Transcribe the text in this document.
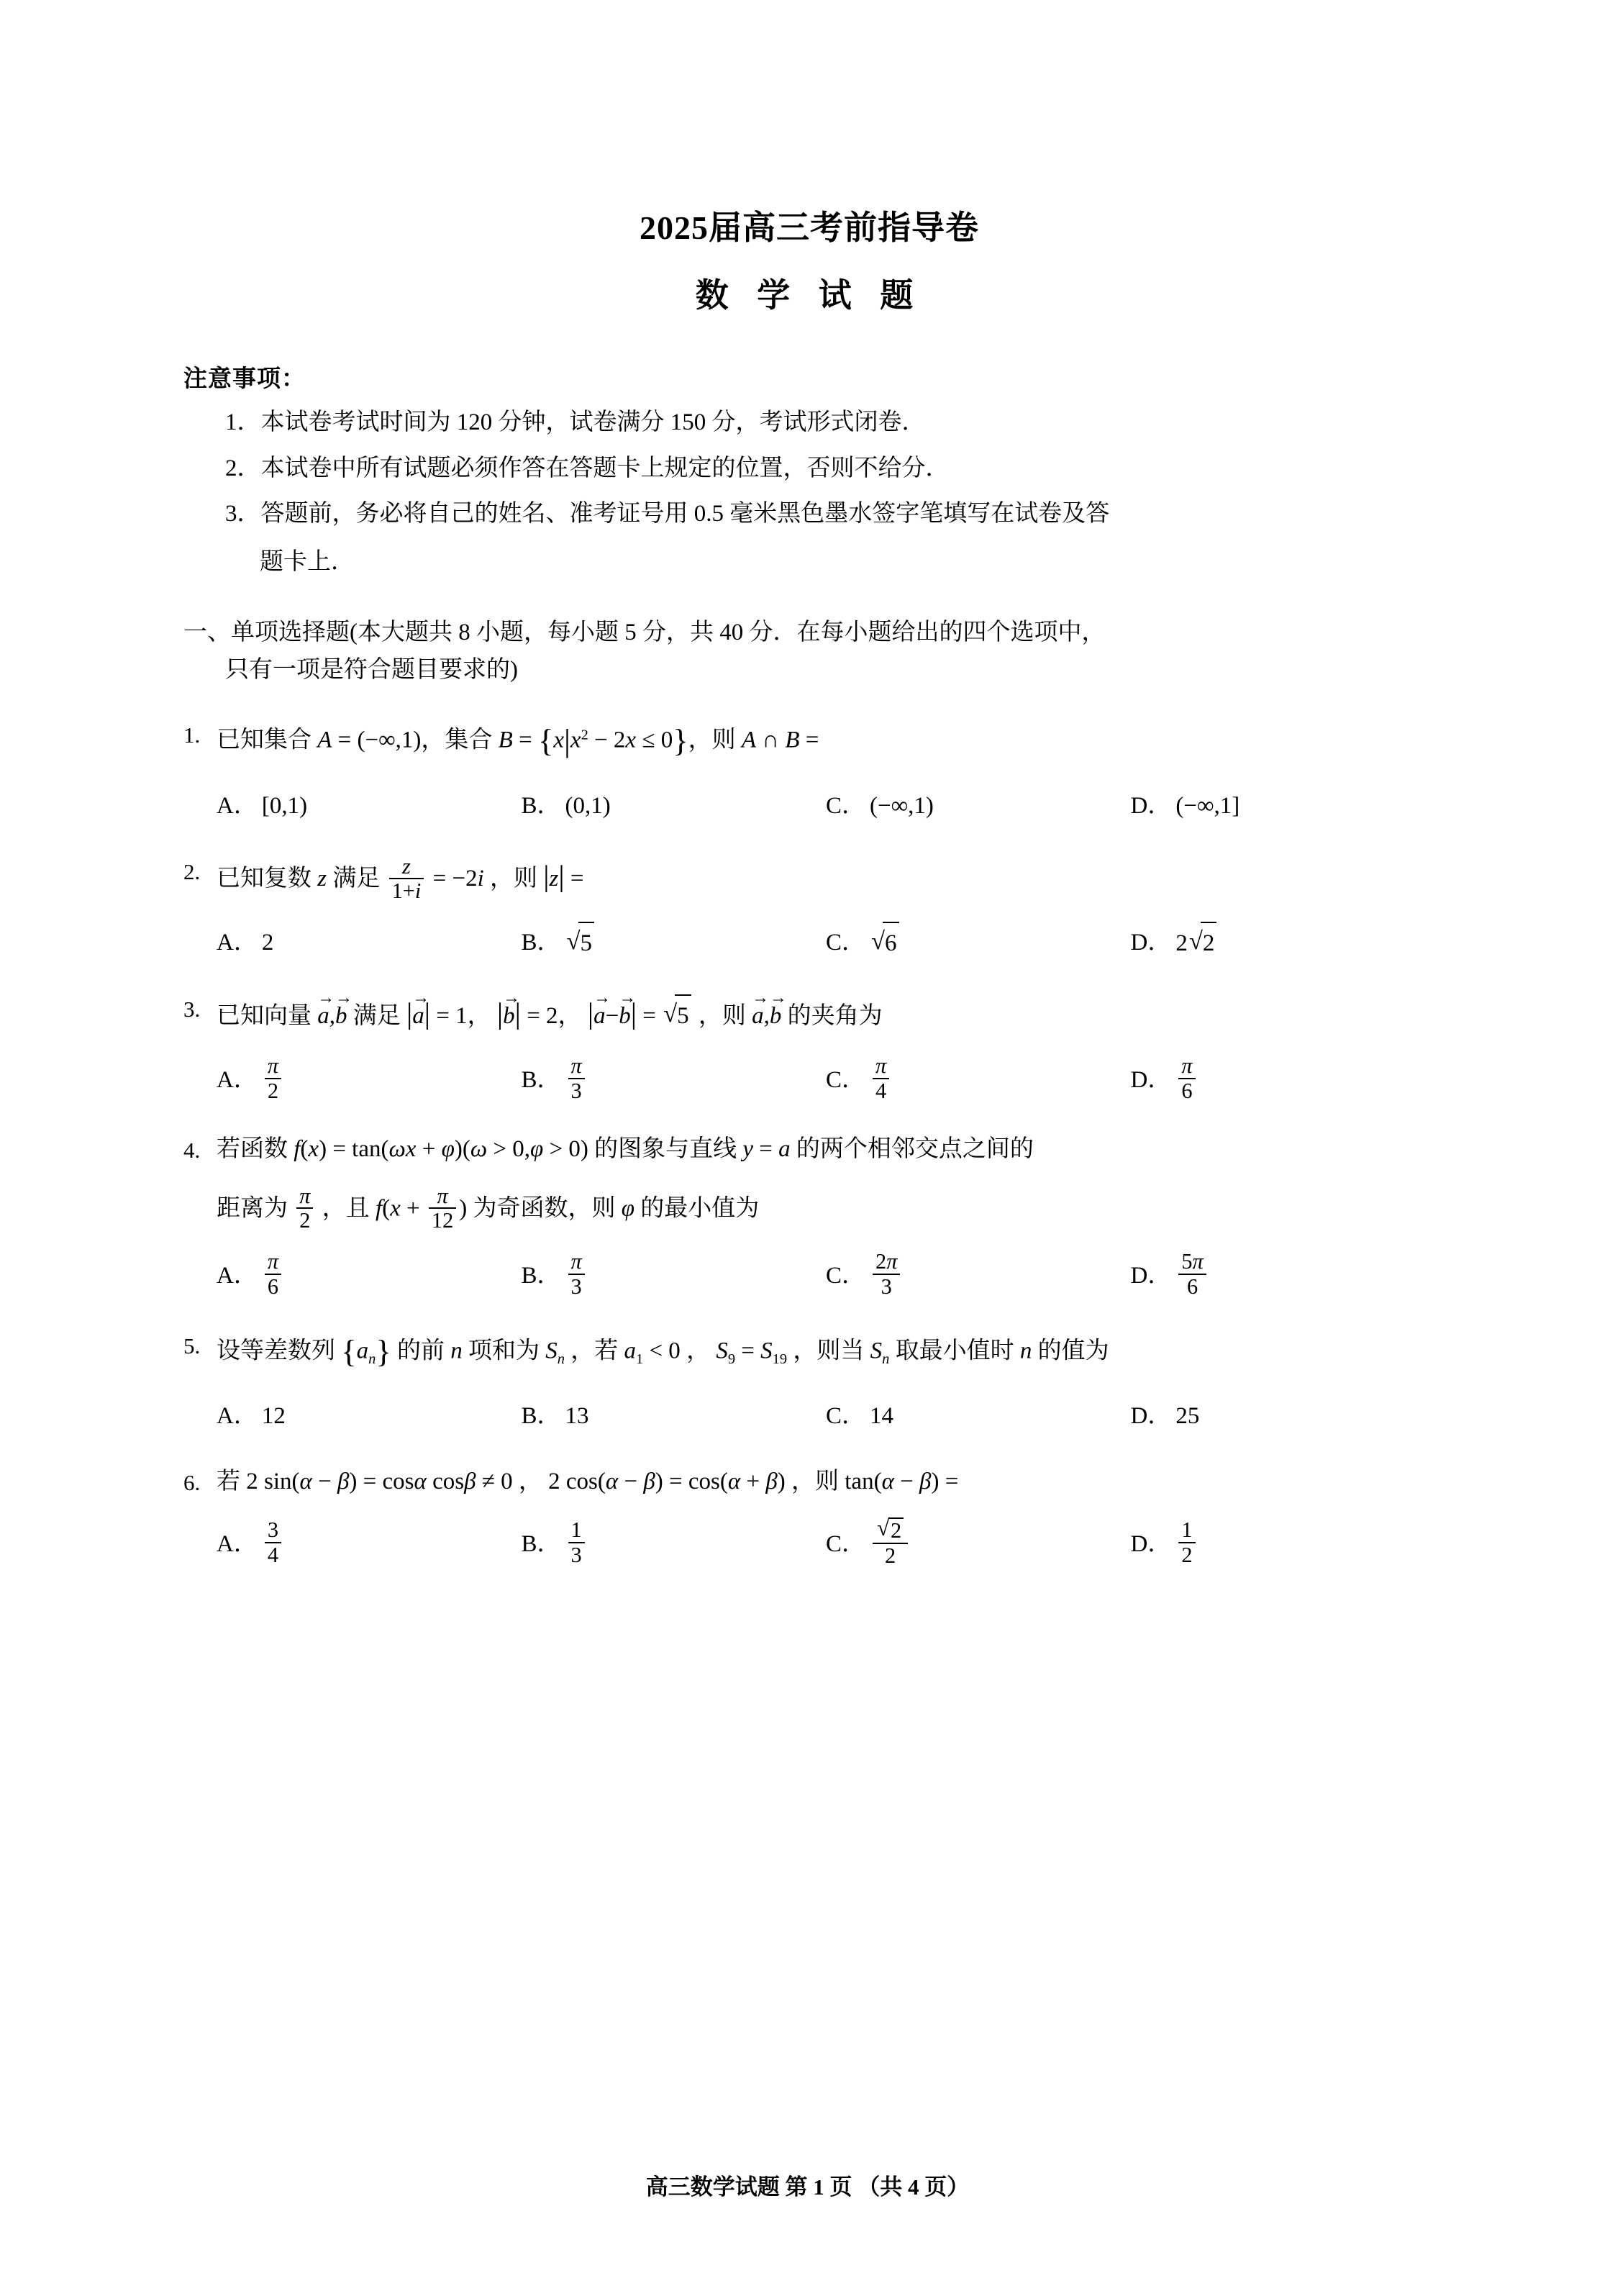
2025届高三考前指导卷
数 学 试 题
注意事项：
1．本试卷考试时间为 120 分钟，试卷满分 150 分，考试形式闭卷．
2．本试卷中所有试题必须作答在答题卡上规定的位置，否则不给分．
3．答题前，务必将自己的姓名、准考证号用 0.5 毫米黑色墨水签字笔填写在试卷及答
题卡上．
一、单项选择题(本大题共 8 小题，每小题 5 分，共 40 分．在每小题给出的四个选项中，
只有一项是符合题目要求的)
1. 已知集合 A = (−∞,1)，集合 $B = \{x|x^2 - 2x \le 0\}$，则 A ∩ B =
A． [0,1)	B． (0,1)	C． (−∞,1)	D． (−∞,1]
2. 已知复数 z 满足 $\frac{z}{1+i} = -2i$ ，则 |z| =
A． 2	B． √ 5	C． √ 6	D． 2 √ 2
3. 已知向量 a →,b → 满足 |a →| = 1， |b →| = 2， |a →−b →| = √ 5 ，则 a →,b → 的夹角为
A． $\frac{\pi}{2}$	B． $\frac{\pi}{3}$	C． $\frac{\pi}{4}$	D． $\frac{\pi}{6}$
4. 若函数 f(x) = tan(ωx + φ)(ω > 0,φ > 0) 的图象与直线 y = a 的两个相邻交点之间的
距离为 $\frac{\pi}{2}$ ，且 $f(x + \frac{\pi}{12}$ ) 为奇函数，则 φ 的最小值为
A． $\frac{\pi}{6}$	B． $\frac{\pi}{3}$	C． $\frac{2\pi}{3}$	D． $\frac{5\pi}{6}$
5. 设等差数列 $\{a_n\}$ 的前 n 项和为 $S_n$ ，若 $a_1 < 0$ ， $S_9 = S_{19}$ ，则当 $S_n$ 取最小值时 n 的值为
A． 12	B． 13	C． 14	D． 25
6. 若 2 sin(α − β) = cosα cosβ ≠ 0 ， 2 cos(α − β) = cos(α + β) ，则 tan(α − β) =
A． $\frac{3}{4}$	B． $\frac{1}{3}$	C． √ $\frac{2}{2}$	D． $\frac{1}{2}$
高三数学试题 第 1 页 （共 4 页）
